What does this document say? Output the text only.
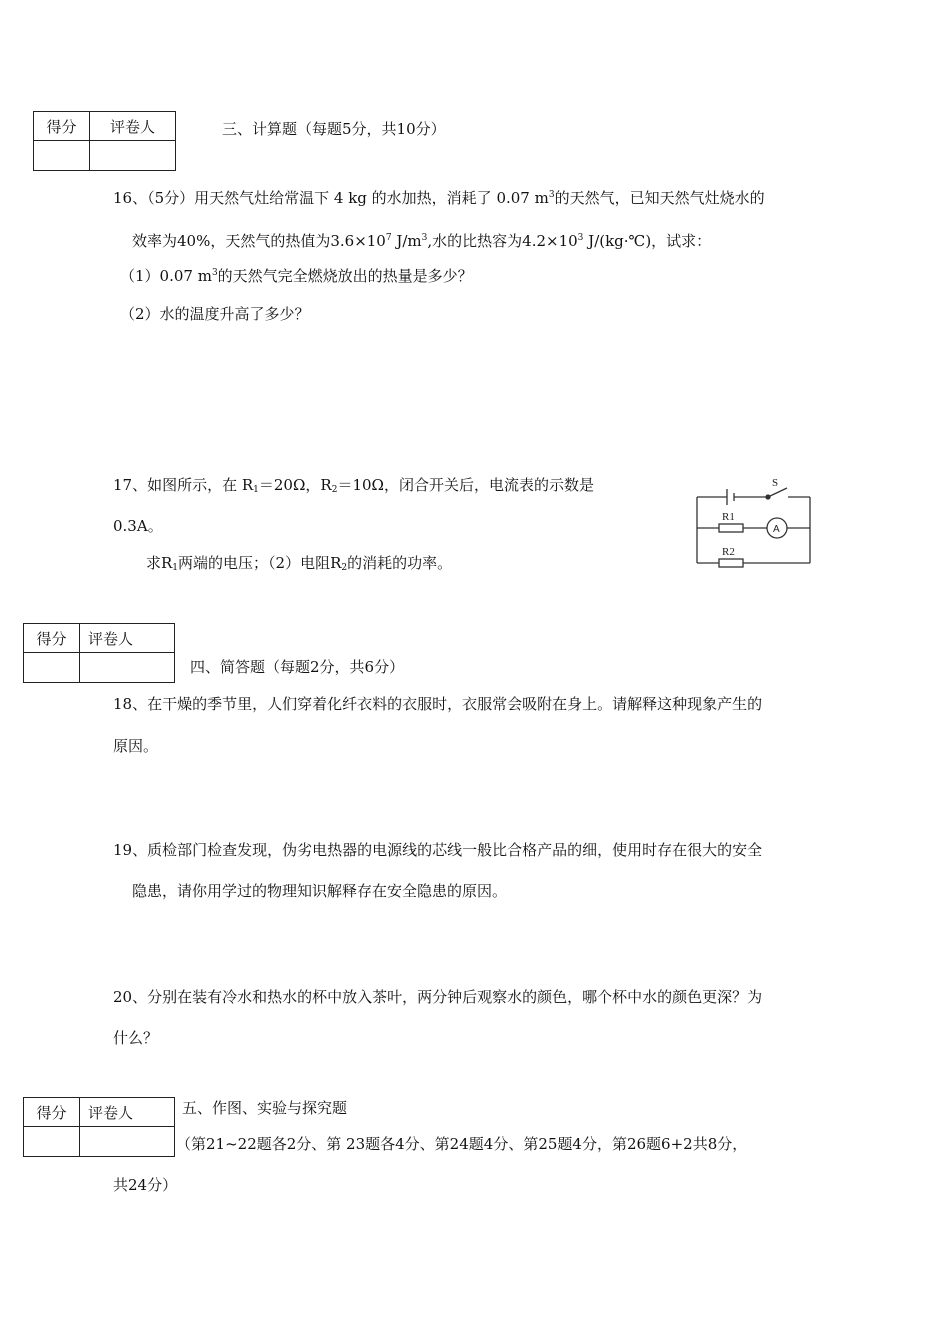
得分	评卷人
		三、计算题（每题5分，共10分）
16、（5分）用天然气灶给常温下 4 kg 的水加热，消耗了 0.07 $m^3$的天然气，已知天然气灶烧水的
效率为40%，天然气的热值为$3.6\times 10^7$ $J/m^3$,水的比热容为$4.2\times 10^3$ J/(kg·℃)，试求：
（1）0.07 $m^3$的天然气完全燃烧放出的热量是多少？
（2）水的温度升高了多少？
17、如图所示，在 $R_1=20\Omega$，$R_2=10\Omega$，闭合开关后，电流表的示数是
0.3A。
求$R_1$两端的电压；（2）电阻$R_2$的消耗的功率。
S
R1
A
R2
得分	评卷人

四、简答题（每题2分，共6分）
18、在干燥的季节里，人们穿着化纤衣料的衣服时，衣服常会吸附在身上。请解释这种现象产生的
原因。
19、质检部门检查发现，伪劣电热器的电源线的芯线一般比合格产品的细，使用时存在很大的安全
隐患，请你用学过的物理知识解释存在安全隐患的原因。
20、分别在装有冷水和热水的杯中放入茶叶，两分钟后观察水的颜色，哪个杯中水的颜色更深？为
什么？
得分	评卷人
		五、作图、实验与探究题
（第21~22题各2分、第 23题各4分、第24题4分、第25题4分，第26题6+2共8分，
共24分）
